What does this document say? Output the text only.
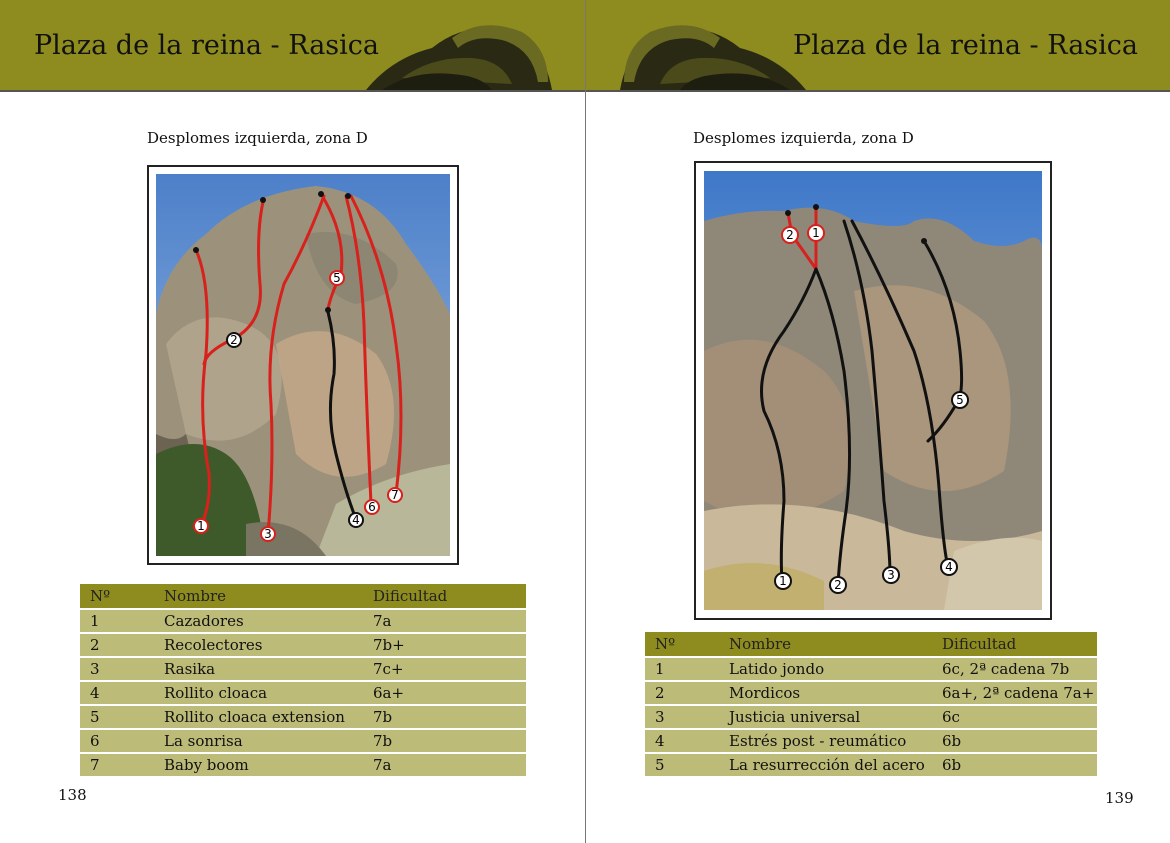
Plaza de la reina - Rasica	Plaza de la reina - Rasica
Desplomes izquierda, zona D
1
2
3
4
5
6
7
Nº	Nombre	Dificultad
1	Cazadores	7a
2	Recolectores	7b+
3	Rasika	7c+
4	Rollito cloaca	6a+
5	Rollito cloaca extension	7b
6	La sonrisa	7b
7	Baby boom	7a
138
Desplomes izquierda, zona D
1	2
3
4
5
2 1
Nº	Nombre	Dificultad
1	Latido jondo	6c, 2ª cadena 7b
2	Mordicos	6a+, 2ª cadena 7a+
3	Justicia universal	6c
4	Estrés post - reumático	6b
5	La resurrección del acero	6b
139
